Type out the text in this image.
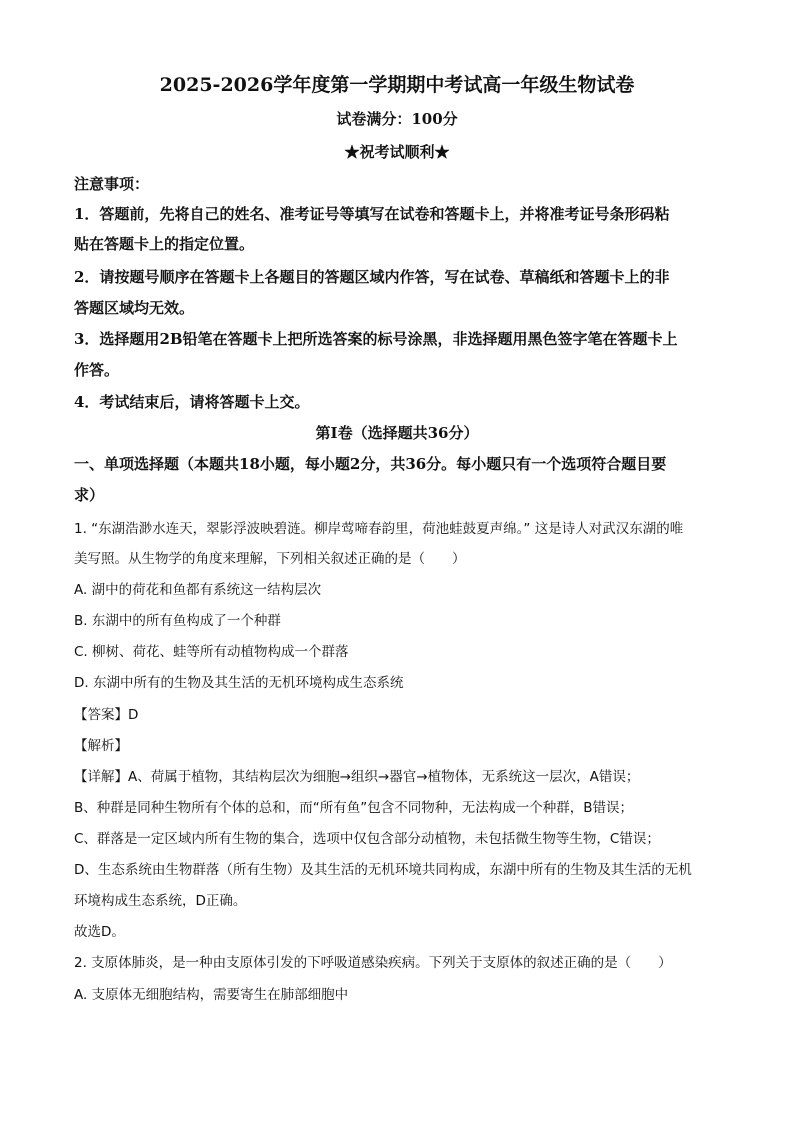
2025-2026学年度第一学期期中考试高一年级生物试卷
试卷满分：100分
★祝考试顺利★
注意事项：
1．答题前，先将自己的姓名、准考证号等填写在试卷和答题卡上，并将准考证号条形码粘
贴在答题卡上的指定位置。
2．请按题号顺序在答题卡上各题目的答题区域内作答，写在试卷、草稿纸和答题卡上的非
答题区域均无效。
3．选择题用2B铅笔在答题卡上把所选答案的标号涂黑，非选择题用黑色签字笔在答题卡上
作答。
4．考试结束后，请将答题卡上交。
第Ⅰ卷（选择题共36分）
一、单项选择题（本题共18小题，每小题2分，共36分。每小题只有一个选项符合题目要
求）
1. “东湖浩渺水连天，翠影浮波映碧涟。柳岸莺啼春韵里，荷池蛙鼓夏声绵。” 这是诗人对武汉东湖的唯
美写照。从生物学的角度来理解，下列相关叙述正确的是（　　）
A. 湖中的荷花和鱼都有系统这一结构层次
B. 东湖中的所有鱼构成了一个种群
C. 柳树、荷花、蛙等所有动植物构成一个群落
D. 东湖中所有的生物及其生活的无机环境构成生态系统
【答案】D
【解析】
【详解】A、荷属于植物，其结构层次为细胞→组织→器官→植物体，无系统这一层次，A错误；
B、种群是同种生物所有个体的总和，而“所有鱼”包含不同物种，无法构成一个种群，B错误；
C、群落是一定区域内所有生物的集合，选项中仅包含部分动植物，未包括微生物等生物，C错误；
D、生态系统由生物群落（所有生物）及其生活的无机环境共同构成，东湖中所有的生物及其生活的无机
环境构成生态系统，D正确。
故选D。
2. 支原体肺炎，是一种由支原体引发的下呼吸道感染疾病。下列关于支原体的叙述正确的是（　　）
A. 支原体无细胞结构，需要寄生在肺部细胞中
